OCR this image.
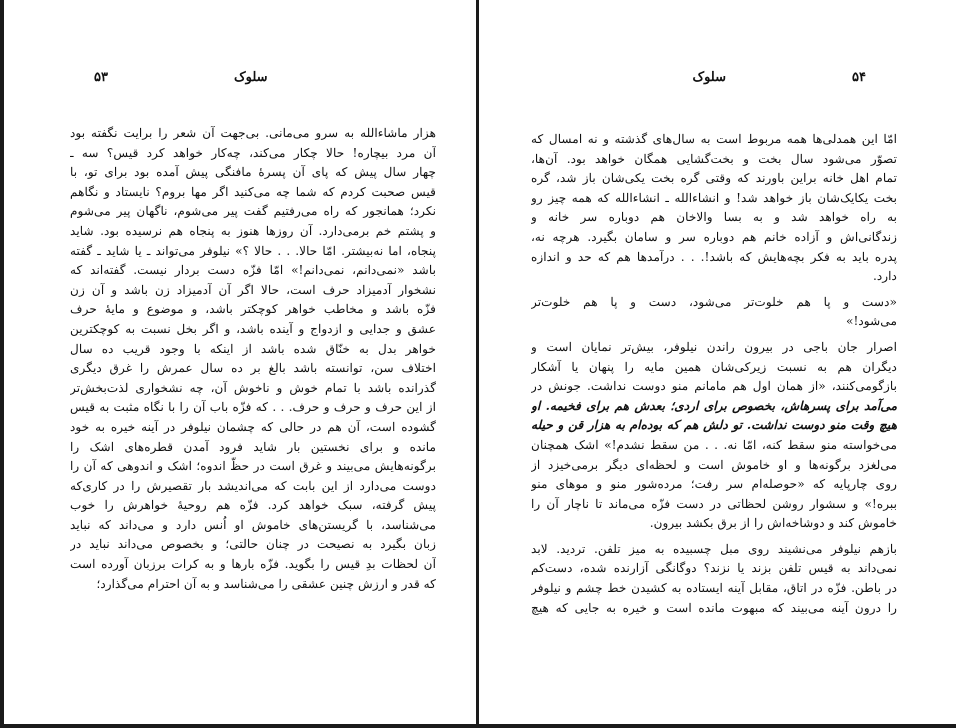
۵۳	سلوک
هزار ماشاءالله به سرو می‌مانی. بی‌جهت آن شعر را برایت نگفته بود
آن مرد بیچاره! حالا چکار می‌کند، چه‌کار خواهد کرد قیس؟ سه ـ
چهار سال پیش که پای آن پسرهٔ مافنگی پیش آمده بود برای تو، با
قیس صحبت کردم که شما چه می‌کنید اگر مها بروم؟ نایستاد و نگاهم
نکرد؛ همانجور که راه می‌رفتیم گفت پیر می‌شوم، ناگهان پیر می‌شوم
و پشتم خم برمی‌دارد. آن روزها هنوز به پنجاه هم نرسیده بود. شاید
پنجاه، اما نه‌بیشتر. امّا حالا. . . حالا ؟» نیلوفر می‌تواند ـ یا شاید ـ گفته
باشد «نمی‌دانم، نمی‌دانم!» امّا فزّه دست بردار نیست. گفته‌اند که
نشخوار آدمیزاد حرف است، حالا اگر آن آدمیزاد زن باشد و آن زن
فزّه باشد و مخاطب خواهر کوچکتر باشد، و موضوع و مایهٔ حرف
عشق و جدایی و ازدواج و آینده باشد، و اگر بخل نسبت به کوچکترین
خواهر بدل به خنّاق شده باشد از اینکه با وجود قریب ده سال
اختلاف سن، توانسته باشد بالغ بر ده سال عمرش را غرق دیگری
گذرانده باشد با تمام خوش و ناخوش آن، چه نشخواری لذت‌بخش‌تر
از این حرف و حرف و حرف. . . که فزّه باب آن را با نگاه مثبت به قیس
گشوده است، آن هم در حالی که چشمان نیلوفر در آینه خیره به خود
مانده و برای نخستین بار شاید فرود آمدن قطره‌های اشک را
برگونه‌هایش می‌بیند و غرق است در حظّ اندوه؛ اشک و اندوهی که آن را
دوست می‌دارد از این بابت که می‌اندیشد بار تقصیرش را در کاری‌که
پیش گرفته، سبک خواهد کرد. فزّه هم روحیهٔ خواهرش را خوب
می‌شناسد، با گریستن‌های خاموش او اُنس دارد و می‌داند که نباید
زبان بگیرد به نصیحت در چنان حالتی؛ و بخصوص می‌داند نباید در
آن لحظات بدِ قیس را بگوید. فزّه بارها و به کرات برزبان آورده است
که قدر و ارزش چنین عشقی را می‌شناسد و به آن احترام می‌گذارد؛
۵۴
سلوک
امّا این همدلی‌ها همه مربوط است به سال‌های گذشته و نه امسال که
تصوّر می‌شود سال بخت و بخت‌گشایی همگان خواهد بود. آن‌ها،
تمام اهل خانه براین باورند که وقتی گره بخت یکی‌شان باز شد، گره
بخت یکایک‌شان باز خواهد شد! و انشاءالله ـ انشاءالله که همه چیز رو
به راه خواهد شد و به بسا والاخان هم دوباره سر خانه و
زندگانی‌اش و آزاده خانم هم دوباره سر و سامان بگیرد. هرچه نه،
پدره باید به فکر بچه‌هایش که باشد!. . . درآمدها هم که حد و اندازه
دارد.
«دست و پا هم خلوت‌تر می‌شود، دست و پا هم خلوت‌تر
می‌شود!»
اصرار جان باجی در بیرون راندن نیلوفر، بیش‌تر نمایان است و
دیگران هم به نسبت زیرکی‌شان همین مایه را پنهان یا آشکار
بازگومی‌کنند، «از همان اول هم مامانم منو دوست نداشت. جونش در
می‌آمد برای پسرهاش، بخصوص برای اردی؛ بعدش هم برای فخیمه. او
هیچ وقت منو دوست نداشت. تو دلش هم که بودەام به هزار قن و حیله
می‌خواسته منو سقط کنه، امّا نه. . . من سقط نشدم!» اشک همچنان
می‌لغزد برگونه‌ها و او خاموش است و لحظه‌ای دیگر برمی‌خیزد از
روی چارپایه که «حوصله‌ام سر رفت؛ مرده‌شور منو و موهای منو
ببره!» و سشوار روشن لحظاتی در دست فزّه می‌ماند تا ناچار آن را
خاموش کند و دوشاخه‌اش را از برق بکشد بیرون.
بازهم نیلوفر می‌نشیند روی مبل چسبیده به میز تلفن. تردید. لابد
نمی‌داند به قیس تلفن بزند یا نزند؟ دوگانگی آزارنده شده، دست‌کم
در باطن. فزّه در اتاق، مقابل آینه ایستاده به کشیدن خط چشم و نیلوفر
را درون آینه می‌بیند که مبهوت مانده است و خیره به جایی که هیچ
